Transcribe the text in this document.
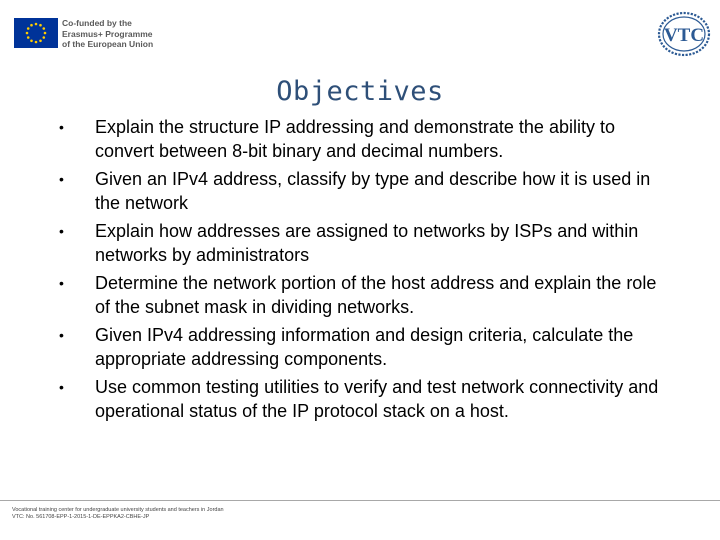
Co-funded by the
Erasmus+ Programme
of the European Union	VTC
Objectives
• Explain the structure IP addressing and demonstrate the ability to convert between 8-bit binary and decimal numbers.
• Given an IPv4 address, classify by type and describe how it is used in the network
• Explain how addresses are assigned to networks by ISPs and within networks by administrators
• Determine the network portion of the host address and explain the role of the subnet mask in dividing networks.
• Given IPv4 addressing information and design criteria, calculate the appropriate addressing components.
• Use common testing utilities to verify and test network connectivity and operational status of the IP protocol stack on a host.
Vocational training center for undergraduate university students and teachers in Jordan
VTC: No. 561708-EPP-1-2015-1-DE-EPPKA2-CBHE-JP
